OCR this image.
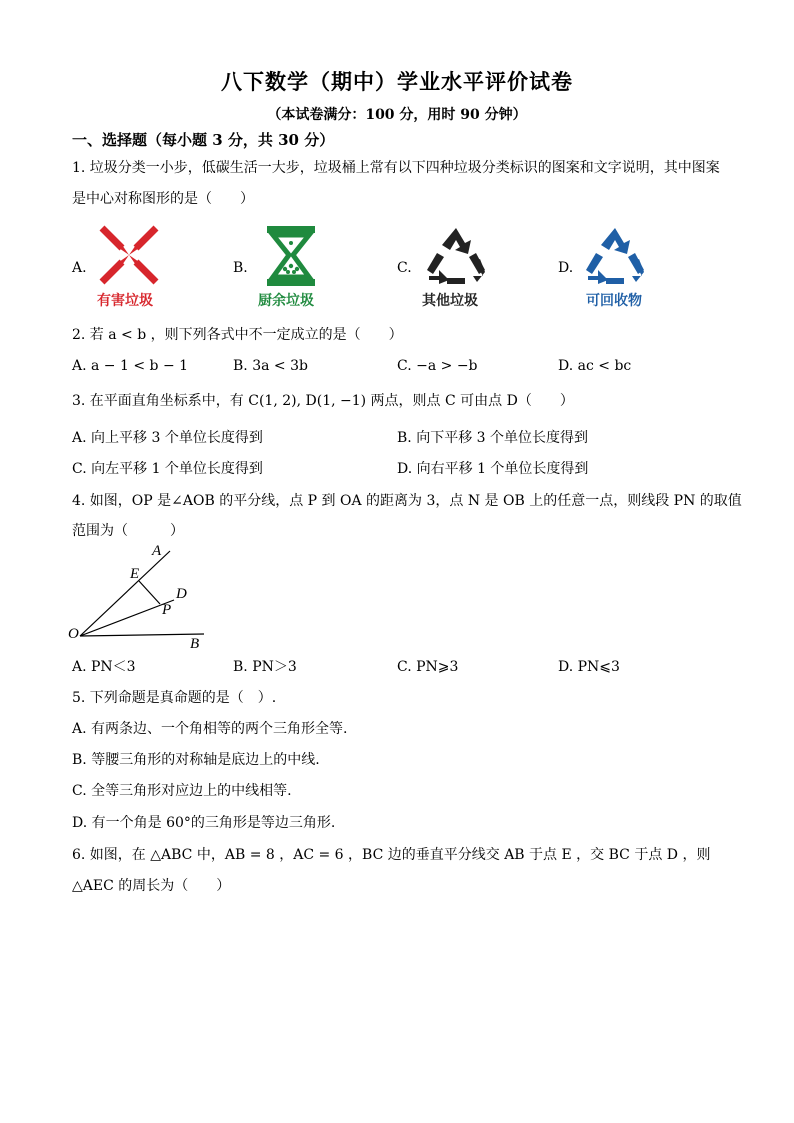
八下数学（期中）学业水平评价试卷
（本试卷满分：100 分，用时 90 分钟）
一、选择题（每小题 3 分，共 30 分）
1. 垃圾分类一小步，低碳生活一大步，垃圾桶上常有以下四种垃圾分类标识的图案和文字说明，其中图案
是中心对称图形的是（　　）
A.
有害垃圾
B.
厨余垃圾
C.
其他垃圾
D.
可回收物
2. 若 a < b ，则下列各式中不一定成立的是（　　）
A. a − 1 < b − 1	B. 3a < 3b	C. −a > −b	D. ac < bc
3. 在平面直角坐标系中，有 C(1, 2), D(1, −1) 两点，则点 C 可由点 D（　　）
A. 向上平移 3 个单位长度得到	B. 向下平移 3 个单位长度得到
C. 向左平移 1 个单位长度得到	D. 向右平移 1 个单位长度得到
4. 如图，OP 是∠AOB 的平分线，点 P 到 OA 的距离为 3，点 N 是 OB 上的任意一点，则线段 PN 的取值
范围为（　　　）
A
E
D
P
O
B
A. PN＜3	B. PN＞3	C. PN⩾3	D. PN⩽3
5. 下列命题是真命题的是（　）.
A. 有两条边、一个角相等的两个三角形全等.
B. 等腰三角形的对称轴是底边上的中线.
C. 全等三角形对应边上的中线相等.
D. 有一个角是 60°的三角形是等边三角形.
6. 如图，在 △ABC 中，AB = 8 ，AC = 6 ，BC 边的垂直平分线交 AB 于点 E ，交 BC 于点 D ，则
△AEC 的周长为（　　）
